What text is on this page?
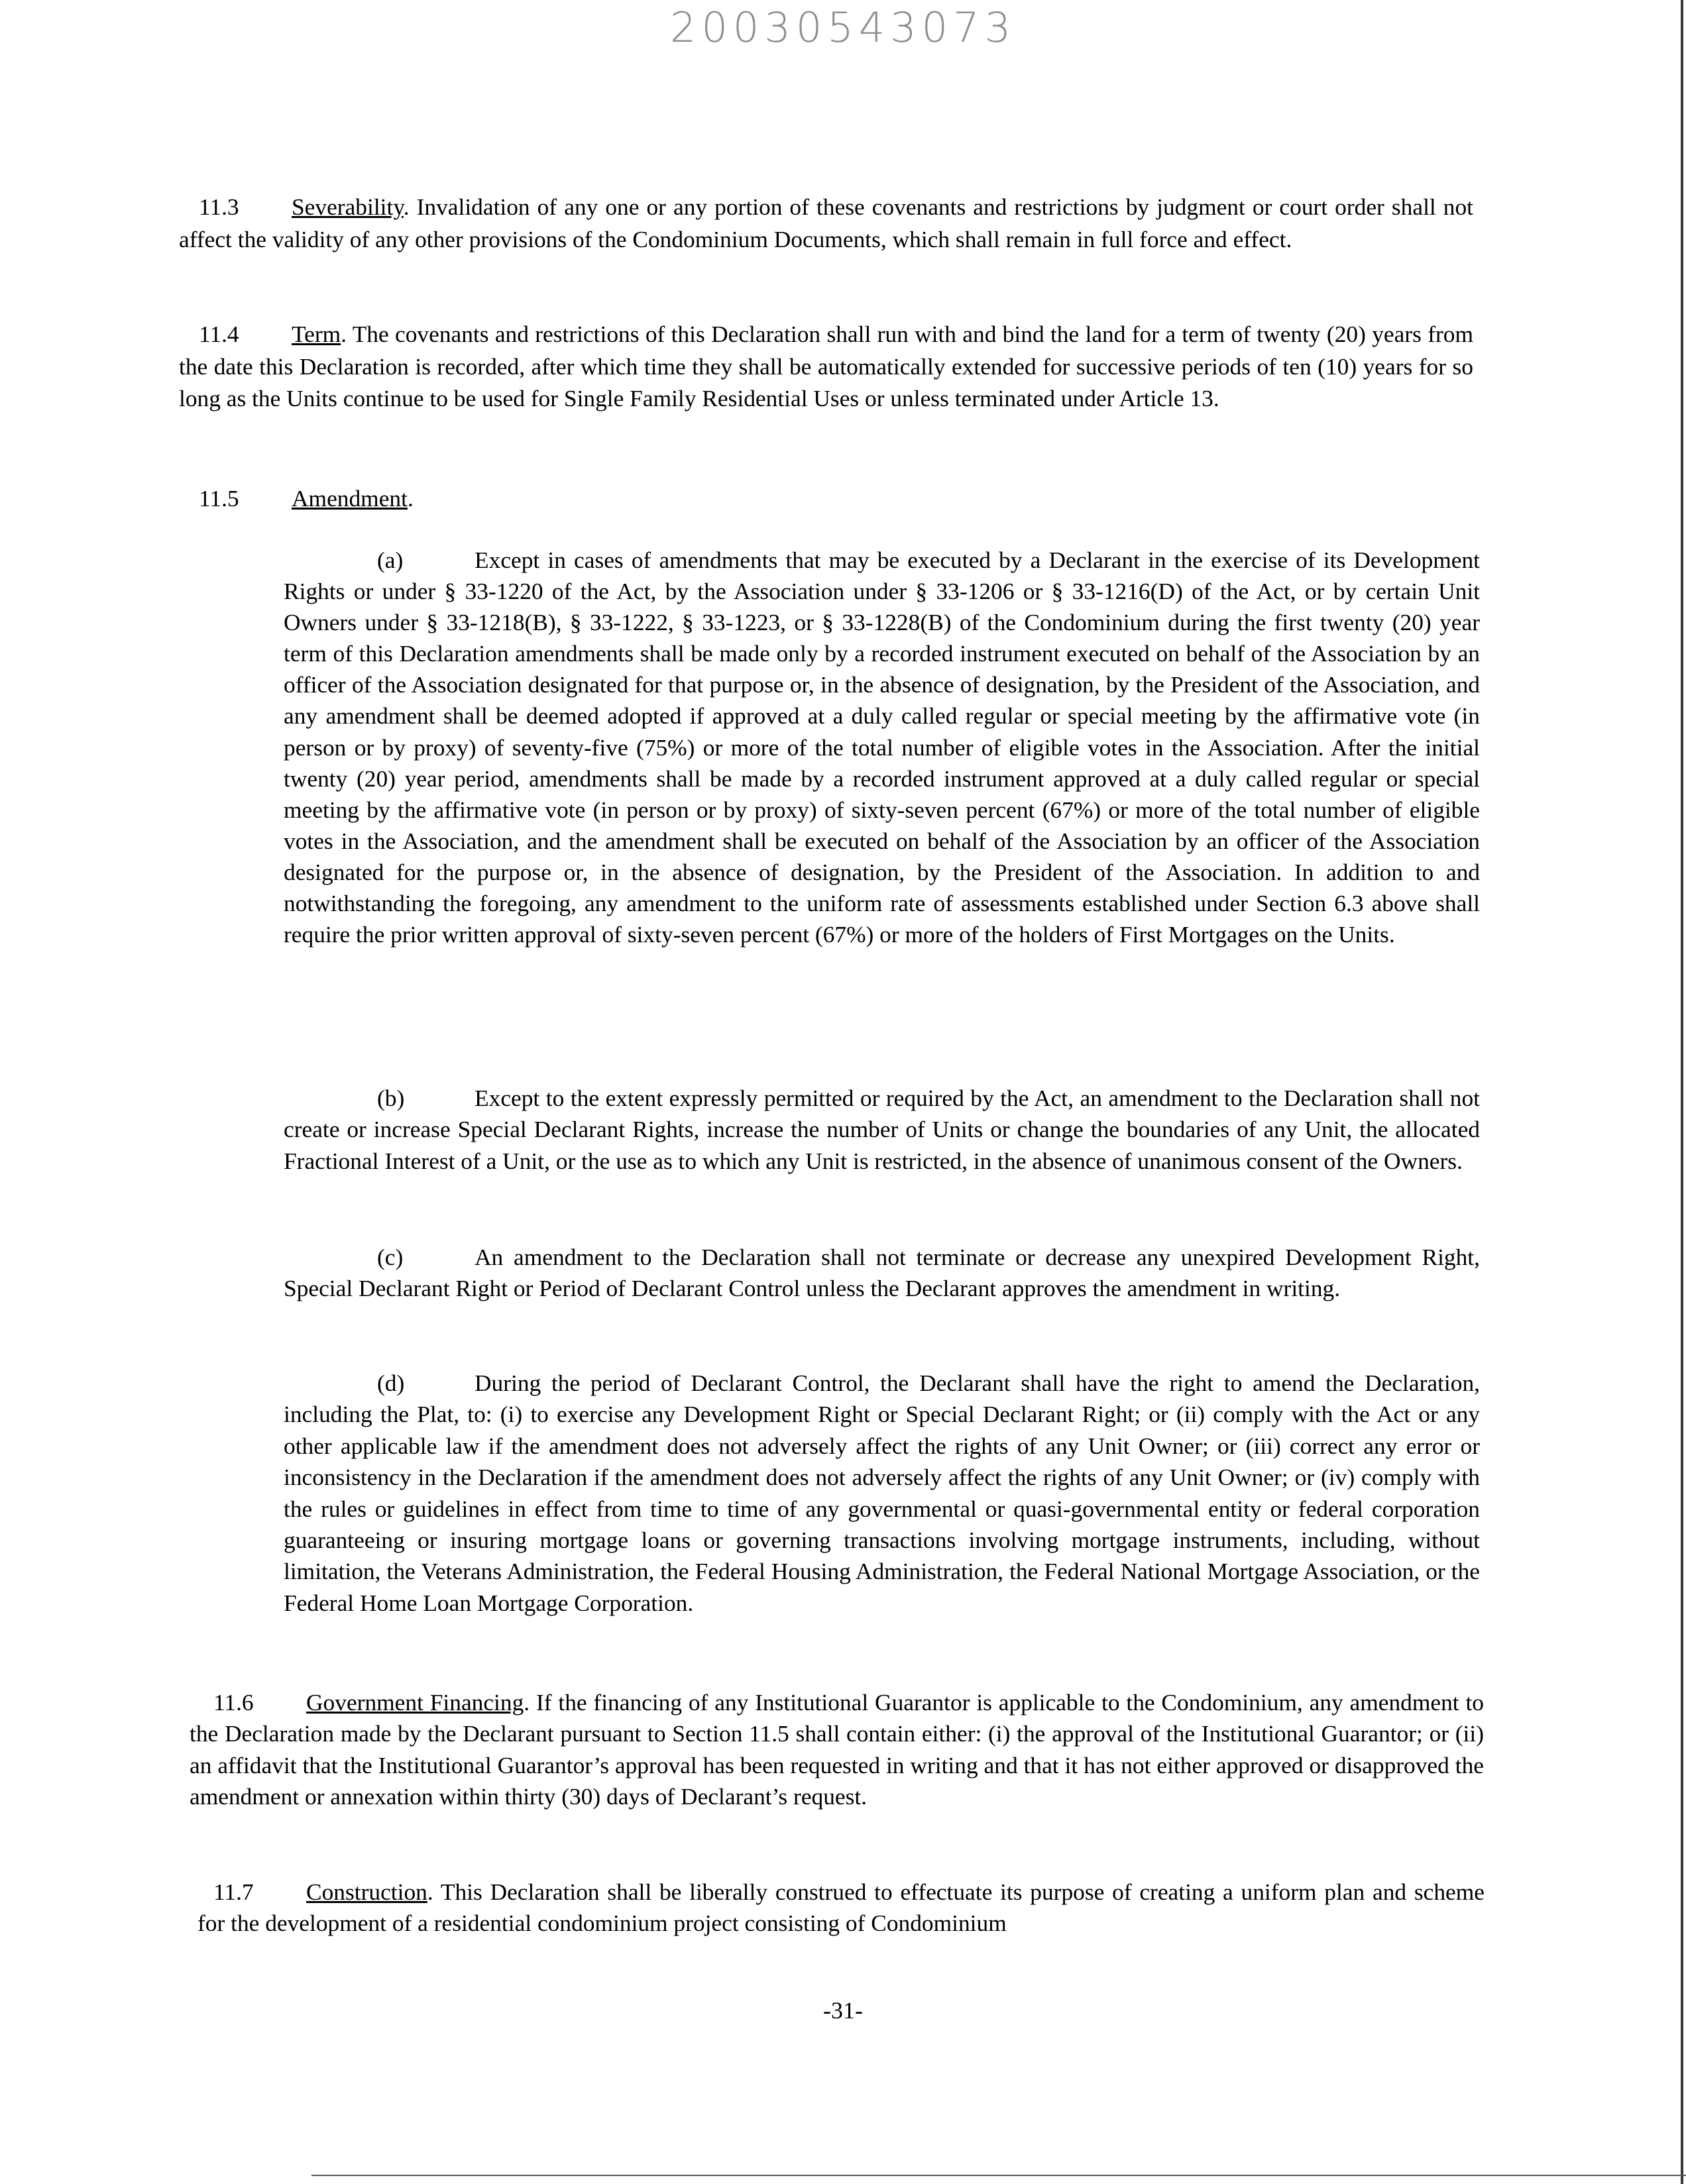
20030543073

11.3 Severability. Invalidation of any one or any portion of these covenants and restrictions by judgment or court order shall not affect the validity of any other provisions of the Condominium Documents, which shall remain in full force and effect.

11.4 Term. The covenants and restrictions of this Declaration shall run with and bind the land for a term of twenty (20) years from the date this Declaration is recorded, after which time they shall be automatically extended for successive periods of ten (10) years for so long as the Units continue to be used for Single Family Residential Uses or unless terminated under Article 13.

11.5 Amendment.

(a)	Except in cases of amendments that may be executed by a Declarant in the exercise of its Development Rights or under § 33-1220 of the Act, by the Association under § 33-1206 or § 33-1216(D) of the Act, or by certain Unit Owners under § 33-1218(B), § 33-1222, § 33-1223, or § 33-1228(B) of the Condominium during the first twenty (20) year term of this Declaration amendments shall be made only by a recorded instrument executed on behalf of the Association by an officer of the Association designated for that purpose or, in the absence of designation, by the President of the Association, and any amendment shall be deemed adopted if approved at a duly called regular or special meeting by the affirmative vote (in person or by proxy) of seventy-five (75%) or more of the total number of eligible votes in the Association. After the initial twenty (20) year period, amendments shall be made by a recorded instrument approved at a duly called regular or special meeting by the affirmative vote (in person or by proxy) of sixty-seven percent (67%) or more of the total number of eligible votes in the Association, and the amendment shall be executed on behalf of the Association by an officer of the Association designated for the purpose or, in the absence of designation, by the President of the Association. In addition to and notwithstanding the foregoing, any amendment to the uniform rate of assessments established under Section 6.3 above shall require the prior written approval of sixty-seven percent (67%) or more of the holders of First Mortgages on the Units.

(b)	Except to the extent expressly permitted or required by the Act, an amendment to the Declaration shall not create or increase Special Declarant Rights, increase the number of Units or change the boundaries of any Unit, the allocated Fractional Interest of a Unit, or the use as to which any Unit is restricted, in the absence of unanimous consent of the Owners.

(c)	An amendment to the Declaration shall not terminate or decrease any unexpired Development Right, Special Declarant Right or Period of Declarant Control unless the Declarant approves the amendment in writing.

(d)	During the period of Declarant Control, the Declarant shall have the right to amend the Declaration, including the Plat, to: (i) to exercise any Development Right or Special Declarant Right; or (ii) comply with the Act or any other applicable law if the amendment does not adversely affect the rights of any Unit Owner; or (iii) correct any error or inconsistency in the Declaration if the amendment does not adversely affect the rights of any Unit Owner; or (iv) comply with the rules or guidelines in effect from time to time of any governmental or quasi-governmental entity or federal corporation guaranteeing or insuring mortgage loans or governing transactions involving mortgage instruments, including, without limitation, the Veterans Administration, the Federal Housing Administration, the Federal National Mortgage Association, or the Federal Home Loan Mortgage Corporation.

11.6 Government Financing. If the financing of any Institutional Guarantor is applicable to the Condominium, any amendment to the Declaration made by the Declarant pursuant to Section 11.5 shall contain either: (i) the approval of the Institutional Guarantor; or (ii) an affidavit that the Institutional Guarantor’s approval has been requested in writing and that it has not either approved or disapproved the amendment or annexation within thirty (30) days of Declarant’s request.

11.7 Construction. This Declaration shall be liberally construed to effectuate its purpose of creating a uniform plan and scheme for the development of a residential condominium project consisting of Condominium

-31-
